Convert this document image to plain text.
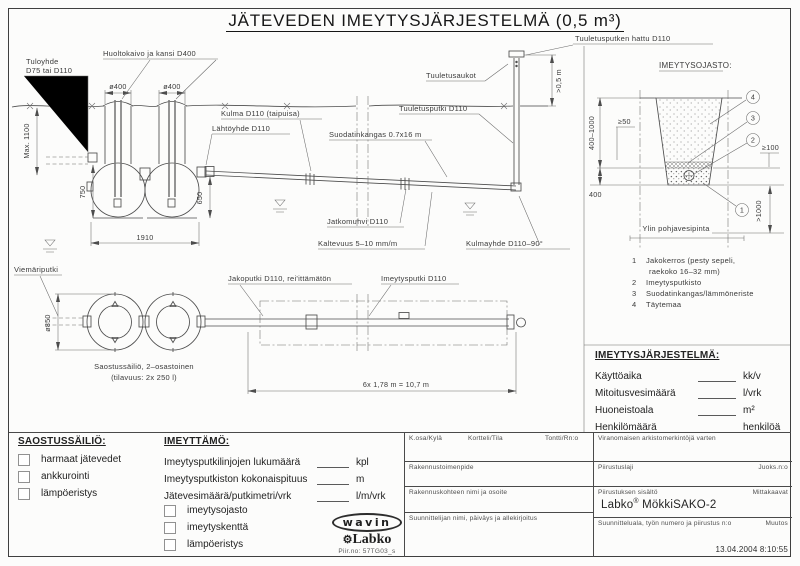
JÄTEVEDEN IMEYTYSJÄRJESTELMÄ (0,5 m³)
ø400	ø400
Max. 1100
750	650
1910
>0,5 m
Huoltokaivo ja kansi D400
Tuloyhde
D75 tai D110
Kulma D110 (taipuisa)
Lähtöyhde D110
Suodatinkangas 0.7x16 m
Tuuletusaukot
Tuuletusputken hattu D110
Tuuletusputki D110
Jatkomuhvi D110
Kaltevuus 5–10 mm/m	Kulmayhde D110–90°
ø850
6x 1,78 m = 10,7 m
Viemäriputki
Jakoputki D110, rei'ittämätön	Imeytysputki D110
Saostussäiliö, 2–osastoinen
(tilavuus: 2x 250 l)
IMEYTYSOJASTO:
400–1000	≥50
400
≥100
>1000
Ylin pohjavesipinta
4
3
2
1
1 Jakokerros (pesty sepeli,
raekoko 16–32 mm)
2 Imeytysputkisto
3 Suodatinkangas/lämmöneriste
4 Täytemaa
IMEYTYSJÄRJESTELMÄ:
Käyttöaika	kk/v
Mitoitusvesimäärä	l/vrk
Huoneistoala	m²
Henkilömäärä	henkilöä
SAOSTUSSÄILIÖ:
harmaat jätevedet
ankkurointi
lämpöeristys
IMEYTTÄMÖ:
Imeytysputkilinjojen lukumäärä	kpl
Imeytysputkiston kokonaispituus	m
Jätevesimäärä/putkimetri/vrk	l/m/vrk
imeytysojasto
imeytyskenttä
lämpöeristys
wavin
⚙Labko
Piir.no: 57TG03_s
K.osa/Kylä	Kortteli/Tila	Tontti/Rn:o
Rakennustoimenpide
Rakennuskohteen nimi ja osoite
Suunnittelijan nimi, päiväys ja allekirjoitus
Viranomaisen arkistomerkintöjä varten
Piirustuslaji	Juoks.n:o
Piirustuksen sisältö	Mittakaavat
Labko® MökkiSAKO-2
Suunnittelualа, työn numero ja piirustus n:o	Muutos
13.04.2004 8:10:55
